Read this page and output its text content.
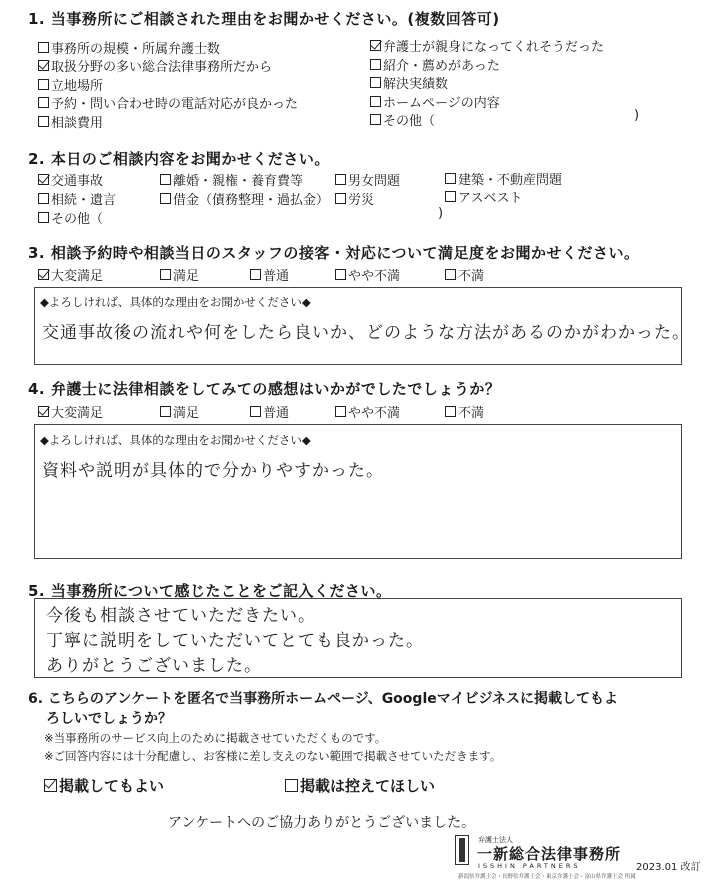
1. 当事務所にご相談された理由をお聞かせください。(複数回答可)
事務所の規模・所属弁護士数
取扱分野の多い総合法律事務所だから
立地場所
予約・問い合わせ時の電話対応が良かった
相談費用
弁護士が親身になってくれそうだった
紹介・薦めがあった
解決実績数
ホームページの内容
その他（	)
2. 本日のご相談内容をお聞かせください。
交通事故	離婚・親権・養育費等	男女問題	建築・不動産問題
相続・遺言	借金（債務整理・過払金） 労災	アスベスト
その他（	)
3. 相談予約時や相談当日のスタッフの接客・対応について満足度をお聞かせください。
大変満足	満足	普通	やや不満	不満
◆よろしければ、具体的な理由をお聞かせください◆
交通事故後の流れや何をしたら良いか、どのような方法があるのかがわかった。
4. 弁護士に法律相談をしてみての感想はいかがでしたでしょうか？
大変満足	満足	普通	やや不満	不満
◆よろしければ、具体的な理由をお聞かせください◆
資料や説明が具体的で分かりやすかった。
5. 当事務所について感じたことをご記入ください。
今後も相談させていただきたい。
丁寧に説明をしていただいてとても良かった。
ありがとうございました。
6. こちらのアンケートを匿名で当事務所ホームページ、Googleマイビジネスに掲載してもよ
ろしいでしょうか？
※当事務所のサービス向上のために掲載させていただくものです。
※ご回答内容には十分配慮し、お客様に差し支えのない範囲で掲載させていただきます。
掲載してもよい	掲載は控えてほしい
アンケートへのご協力ありがとうございました。
弁護士法人
一新総合法律事務所
ISSHIN PARTNERS
新潟県弁護士会・長野県弁護士会・東京弁護士会・富山県弁護士会 所属
2023.01 改訂
